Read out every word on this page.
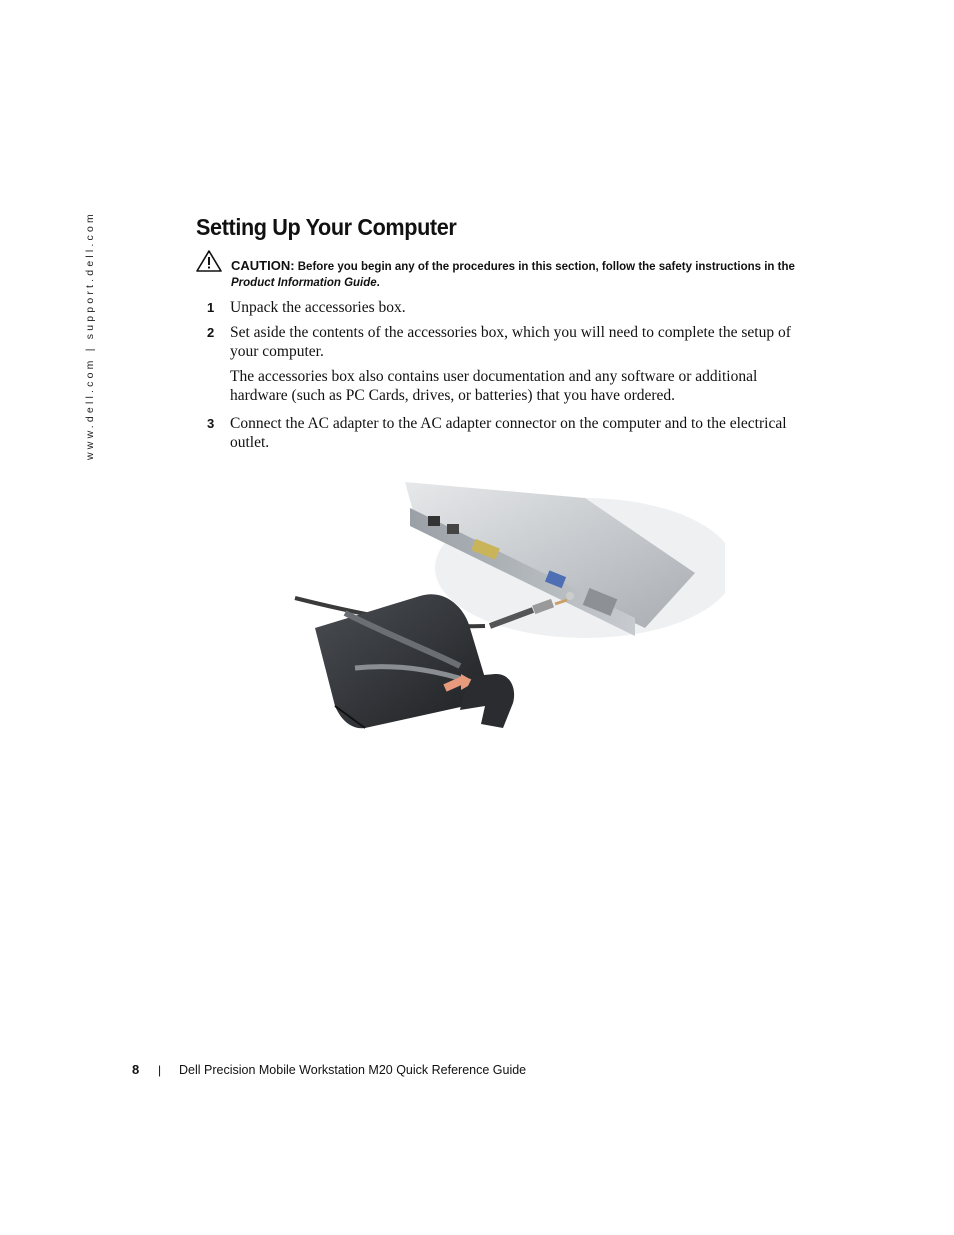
www.dell.com | support.dell.com	Setting Up Your Computer
CAUTION: Before you begin any of the procedures in this section, follow the safety instructions in the
Product Information Guide.
1 Unpack the accessories box.
2 Set aside the contents of the accessories box, which you will need to complete the setup of your computer.
The accessories box also contains user documentation and any software or additional hardware (such as PC Cards, drives, or batteries) that you have ordered.
3 Connect the AC adapter to the AC adapter connector on the computer and to the electrical outlet.
8 | Dell Precision Mobile Workstation M20 Quick Reference Guide
